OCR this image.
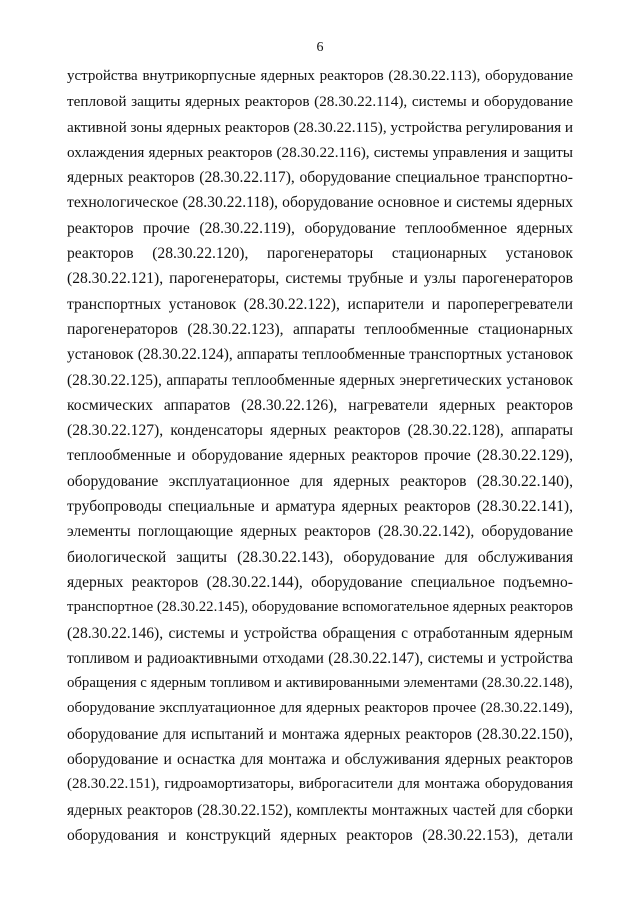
6
устройства внутрикорпусные ядерных реакторов (28.30.22.113), оборудование
тепловой защиты ядерных реакторов (28.30.22.114), системы и оборудование
активной зоны ядерных реакторов (28.30.22.115), устройства регулирования и
охлаждения ядерных реакторов (28.30.22.116), системы управления и защиты
ядерных реакторов (28.30.22.117), оборудование специальное транспортно-
технологическое (28.30.22.118), оборудование основное и системы ядерных
реакторов прочие (28.30.22.119), оборудование теплообменное ядерных
реакторов (28.30.22.120), парогенераторы стационарных установок
(28.30.22.121), парогенераторы, системы трубные и узлы парогенераторов
транспортных установок (28.30.22.122), испарители и пароперегреватели
парогенераторов (28.30.22.123), аппараты теплообменные стационарных
установок (28.30.22.124), аппараты теплообменные транспортных установок
(28.30.22.125), аппараты теплообменные ядерных энергетических установок
космических аппаратов (28.30.22.126), нагреватели ядерных реакторов
(28.30.22.127), конденсаторы ядерных реакторов (28.30.22.128), аппараты
теплообменные и оборудование ядерных реакторов прочие (28.30.22.129),
оборудование эксплуатационное для ядерных реакторов (28.30.22.140),
трубопроводы специальные и арматура ядерных реакторов (28.30.22.141),
элементы поглощающие ядерных реакторов (28.30.22.142), оборудование
биологической защиты (28.30.22.143), оборудование для обслуживания
ядерных реакторов (28.30.22.144), оборудование специальное подъемно-
транспортное (28.30.22.145), оборудование вспомогательное ядерных реакторов
(28.30.22.146), системы и устройства обращения с отработанным ядерным
топливом и радиоактивными отходами (28.30.22.147), системы и устройства
обращения с ядерным топливом и активированными элементами (28.30.22.148),
оборудование эксплуатационное для ядерных реакторов прочее (28.30.22.149),
оборудование для испытаний и монтажа ядерных реакторов (28.30.22.150),
оборудование и оснастка для монтажа и обслуживания ядерных реакторов
(28.30.22.151), гидроамортизаторы, виброгасители для монтажа оборудования
ядерных реакторов (28.30.22.152), комплекты монтажных частей для сборки
оборудования и конструкций ядерных реакторов (28.30.22.153), детали
